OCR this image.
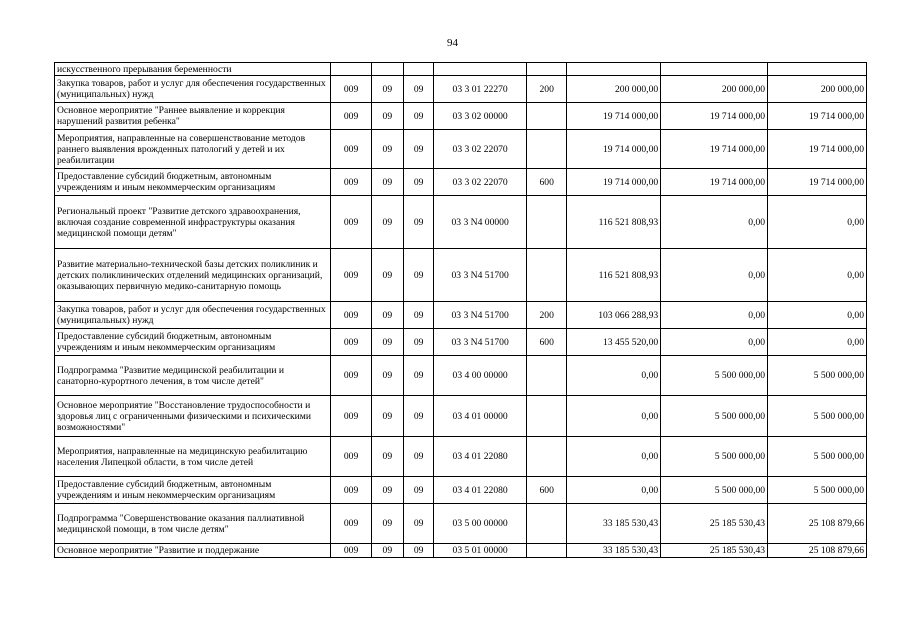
94
искусственного прерывания беременности								
Закупка товаров, работ и услуг для обеспечения государственных (муниципальных) нужд	009	09	09	03 3 01 22270	200	200 000,00	200 000,00	200 000,00
Основное мероприятие "Раннее выявление и коррекция нарушений развития ребенка"	009	09	09	03 3 02 00000		19 714 000,00	19 714 000,00	19 714 000,00
Мероприятия, направленные на совершенствование методов раннего выявления врожденных патологий у детей и их реабилитации	009	09	09	03 3 02 22070		19 714 000,00	19 714 000,00	19 714 000,00
Предоставление субсидий бюджетным, автономным учреждениям и иным некоммерческим организациям	009	09	09	03 3 02 22070	600	19 714 000,00	19 714 000,00	19 714 000,00
Региональный проект "Развитие детского здравоохранения, включая создание современной инфраструктуры оказания медицинской помощи детям"	009	09	09	03 3 N4 00000		116 521 808,93	0,00	0,00
Развитие материально-технической базы детских поликлиник и детских поликлинических отделений медицинских организаций, оказывающих первичную медико-санитарную помощь	009	09	09	03 3 N4 51700		116 521 808,93	0,00	0,00
Закупка товаров, работ и услуг для обеспечения государственных (муниципальных) нужд	009	09	09	03 3 N4 51700	200	103 066 288,93	0,00	0,00
Предоставление субсидий бюджетным, автономным учреждениям и иным некоммерческим организациям	009	09	09	03 3 N4 51700	600	13 455 520,00	0,00	0,00
Подпрограмма "Развитие медицинской реабилитации и санаторно-курортного лечения, в том числе детей"	009	09	09	03 4 00 00000		0,00	5 500 000,00	5 500 000,00
Основное мероприятие "Восстановление трудоспособности и здоровья лиц с ограниченными физическими и психическими возможностями"	009	09	09	03 4 01 00000		0,00	5 500 000,00	5 500 000,00
Мероприятия, направленные на медицинскую реабилитацию населения Липецкой области, в том числе детей	009	09	09	03 4 01 22080		0,00	5 500 000,00	5 500 000,00
Предоставление субсидий бюджетным, автономным учреждениям и иным некоммерческим организациям	009	09	09	03 4 01 22080	600	0,00	5 500 000,00	5 500 000,00
Подпрограмма "Совершенствование оказания паллиативной медицинской помощи, в том числе детям"	009	09	09	03 5 00 00000		33 185 530,43	25 185 530,43	25 108 879,66
Основное мероприятие "Развитие и поддержание	009	09	09	03 5 01 00000		33 185 530,43	25 185 530,43	25 108 879,66
